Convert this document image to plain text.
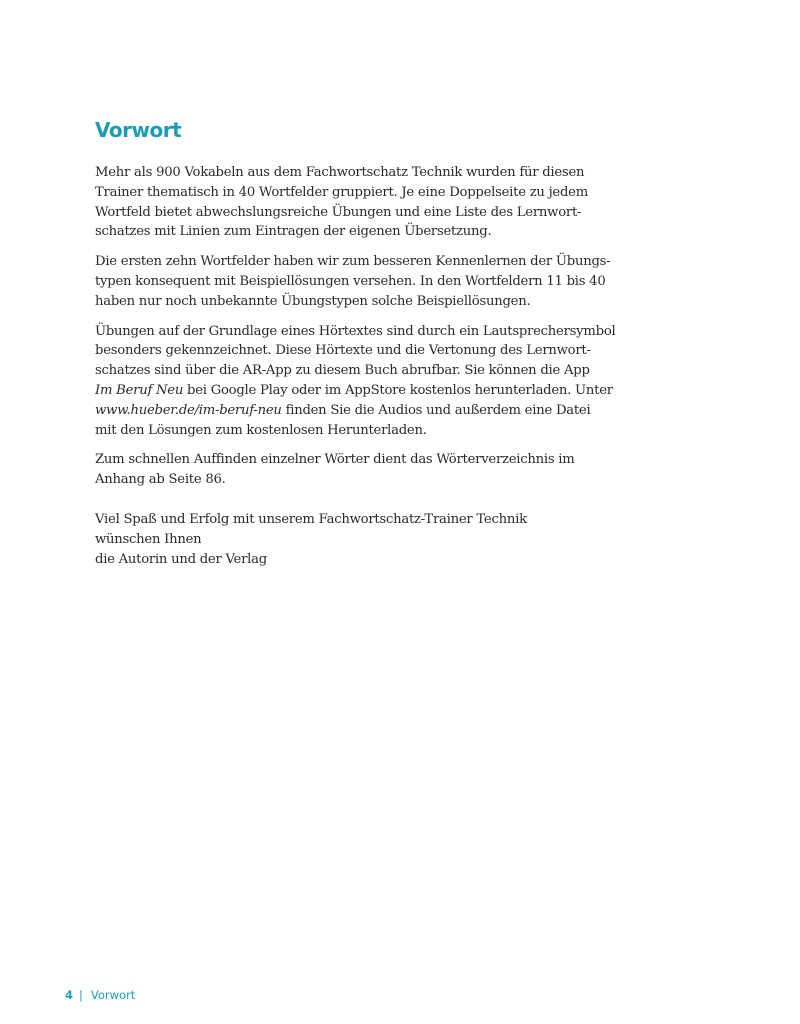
Vorwort
Mehr als 900 Vokabeln aus dem Fachwortschatz Technik wurden für diesen
Trainer thematisch in 40 Wortfelder gruppiert. Je eine Doppelseite zu jedem
Wortfeld bietet abwechslungsreiche Übungen und eine Liste des Lernwort-
schatzes mit Linien zum Eintragen der eigenen Übersetzung.
Die ersten zehn Wortfelder haben wir zum besseren Kennenlernen der Übungs-
typen konsequent mit Beispiellösungen versehen. In den Wortfeldern 11 bis 40
haben nur noch unbekannte Übungstypen solche Beispiellösungen.
Übungen auf der Grundlage eines Hörtextes sind durch ein Lautsprechersymbol
besonders gekennzeichnet. Diese Hörtexte und die Vertonung des Lernwort-
schatzes sind über die AR-App zu diesem Buch abrufbar. Sie können die App
Im Beruf Neu bei Google Play oder im AppStore kostenlos herunterladen. Unter
www.hueber.de/im-beruf-neu finden Sie die Audios und außerdem eine Datei
mit den Lösungen zum kostenlosen Herunterladen.
Zum schnellen Auffinden einzelner Wörter dient das Wörterverzeichnis im
Anhang ab Seite 86.
Viel Spaß und Erfolg mit unserem Fachwortschatz-Trainer Technik
wünschen Ihnen
die Autorin und der Verlag
4 | Vorwort
